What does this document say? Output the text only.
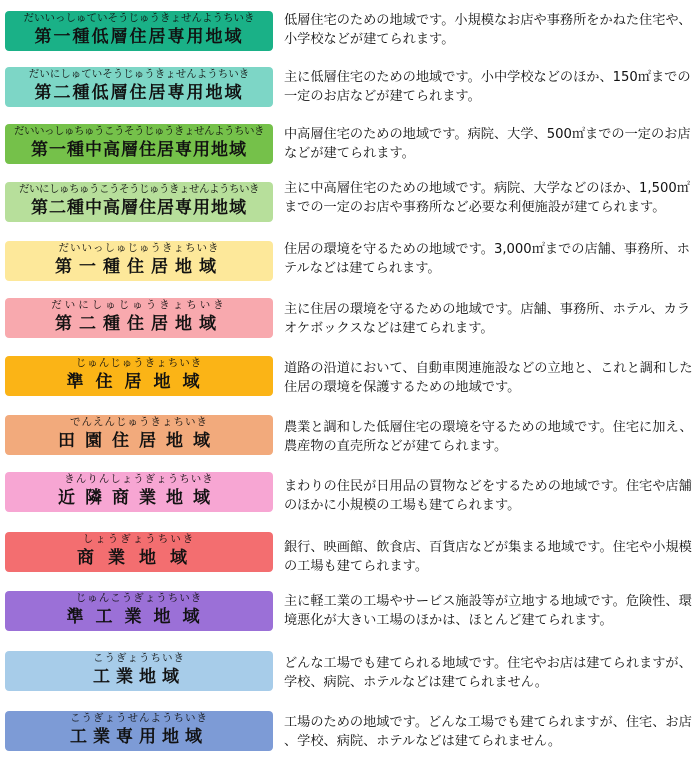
だいいっしゅていそうじゅうきょせんようちいき
第一種低層住居専用地域
低層住宅のための地域です。小規模なお店や事務所をかねた住宅や、小学校などが建てられます。
だいにしゅていそうじゅうきょせんようちいき
第二種低層住居専用地域
主に低層住宅のための地域です。小中学校などのほか、150㎡までの一定のお店などが建てられます。
だいいっしゅちゅうこうそうじゅうきょせんようちいき
第一種中高層住居専用地域
中高層住宅のための地域です。病院、大学、500㎡までの一定のお店などが建てられます。
だいにしゅちゅうこうそうじゅうきょせんようちいき
第二種中高層住居専用地域
主に中高層住宅のための地域です。病院、大学などのほか、1,500㎡までの一定のお店や事務所など必要な利便施設が建てられます。
だいいっしゅじゅうきょちいき
第一種住居地域
住居の環境を守るための地域です。3,000㎡までの店舗、事務所、ホテルなどは建てられます。
だいにしゅじゅうきょちいき
第二種住居地域
主に住居の環境を守るための地域です。店舗、事務所、ホテル、カラオケボックスなどは建てられます。
じゅんじゅうきょちいき
準住居地域
道路の沿道において、自動車関連施設などの立地と、これと調和した住居の環境を保護するための地域です。
でんえんじゅうきょちいき
田園住居地域
農業と調和した低層住宅の環境を守るための地域です。住宅に加え、農産物の直売所などが建てられます。
きんりんしょうぎょうちいき
近隣商業地域
まわりの住民が日用品の買物などをするための地域です。住宅や店舗のほかに小規模の工場も建てられます。
しょうぎょうちいき
商業地域
銀行、映画館、飲食店、百貨店などが集まる地域です。住宅や小規模の工場も建てられます。
じゅんこうぎょうちいき
準工業地域
主に軽工業の工場やサービス施設等が立地する地域です。危険性、環境悪化が大きい工場のほかは、ほとんど建てられます。
こうぎょうちいき
工業地域
どんな工場でも建てられる地域です。住宅やお店は建てられますが、学校、病院、ホテルなどは建てられません。
こうぎょうせんようちいき
工業専用地域
工場のための地域です。どんな工場でも建てられますが、住宅、お店、学校、病院、ホテルなどは建てられません。
